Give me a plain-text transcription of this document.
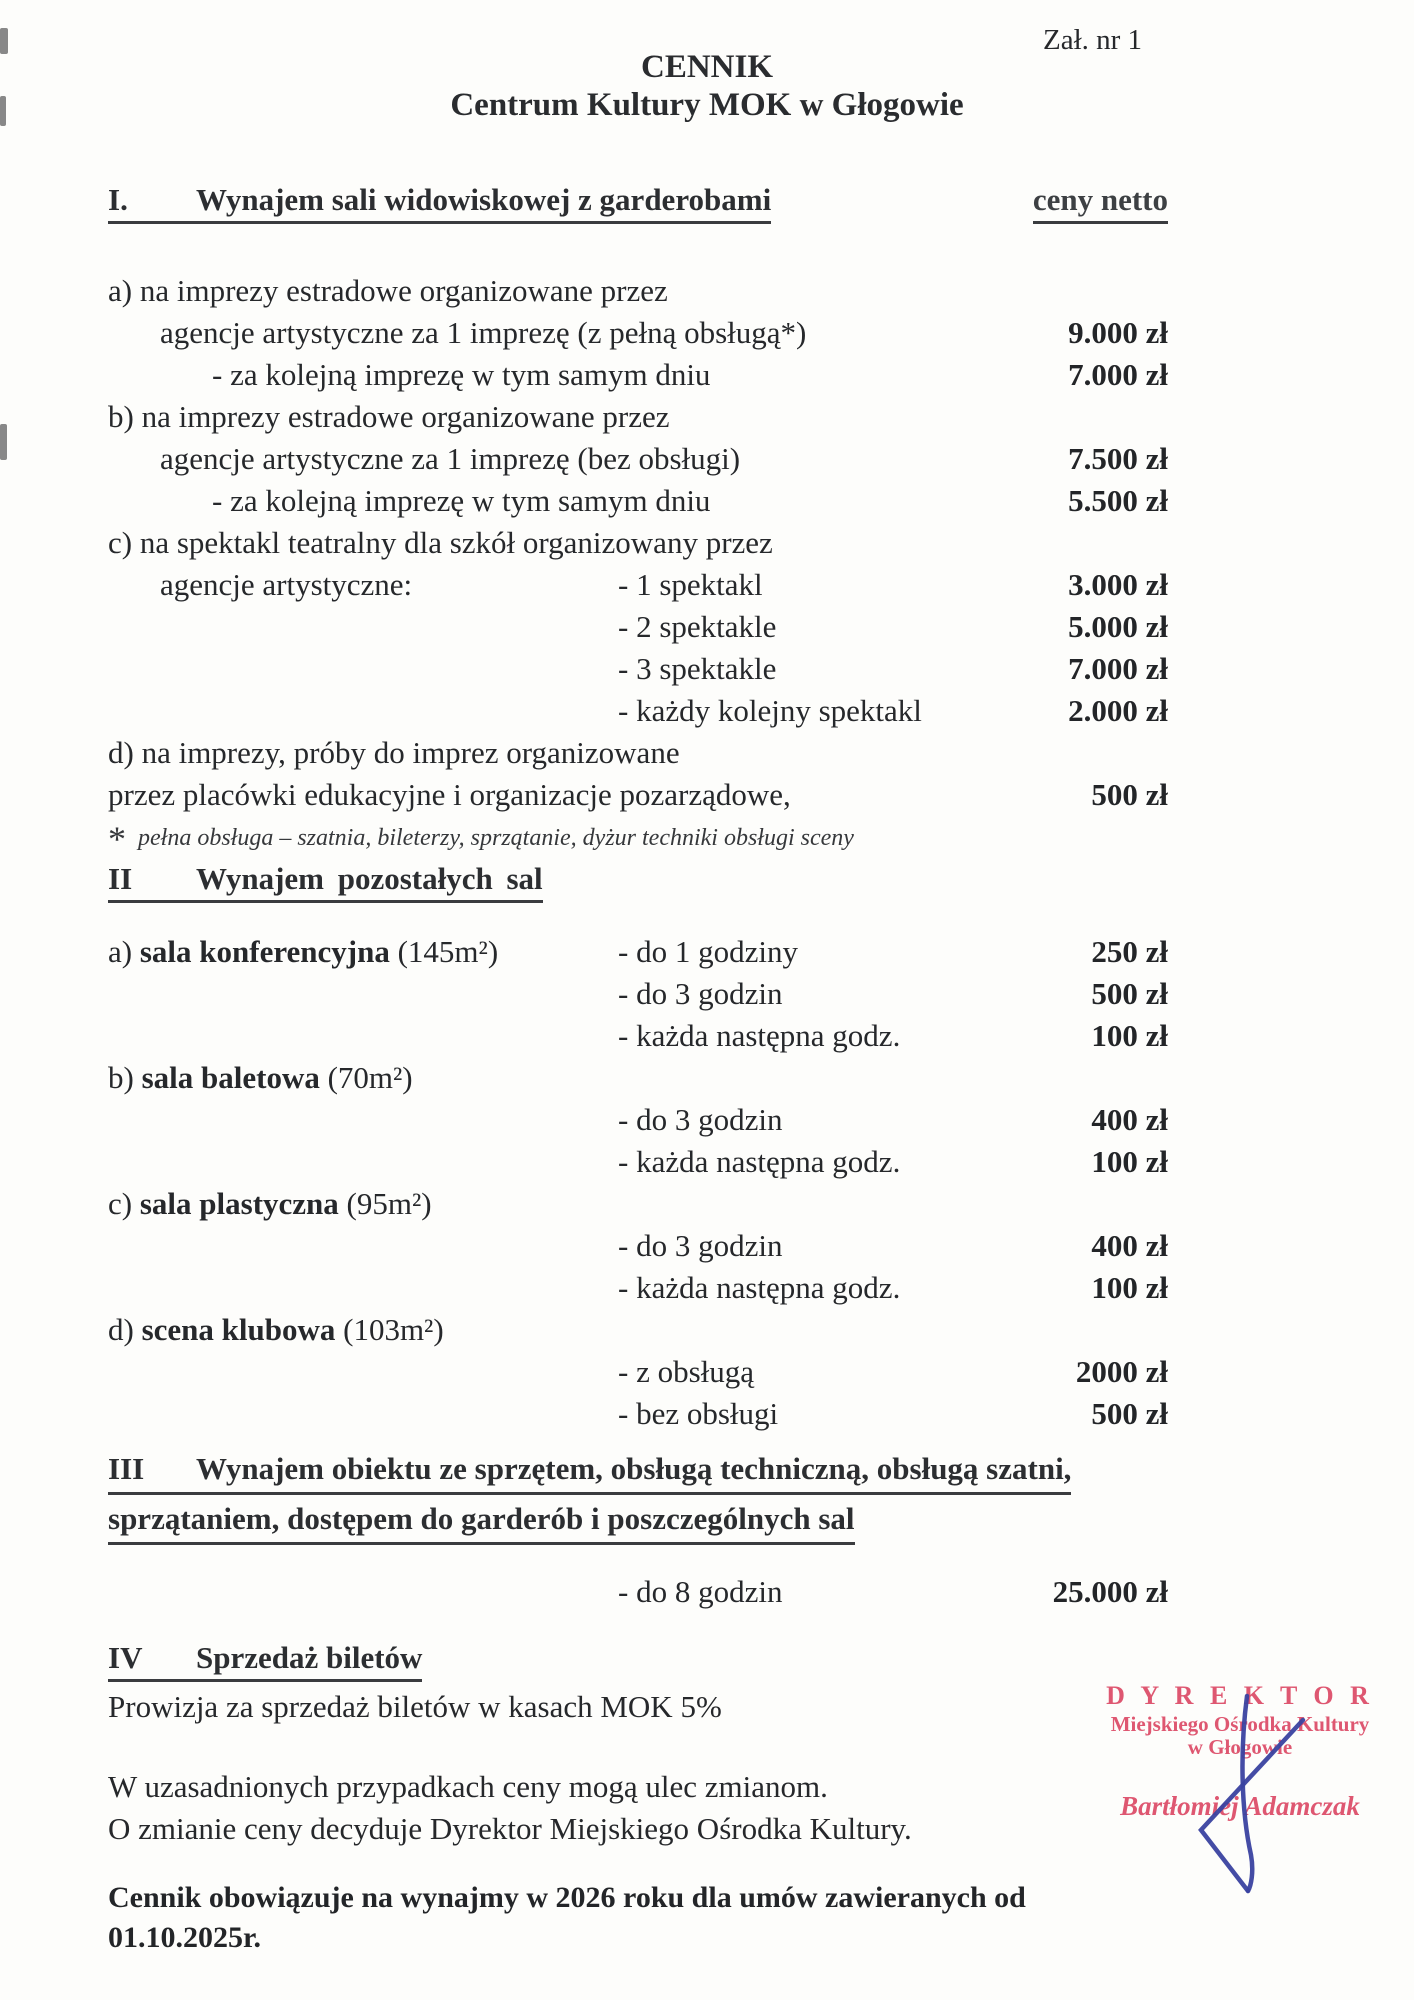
Zał. nr 1
CENNIK
Centrum Kultury MOK w Głogowie
I. Wynajem sali widowiskowej z garderobami	ceny netto
a) na imprezy estradowe organizowane przez
agencje artystyczne za 1 imprezę (z pełną obsługą*)	9.000 zł
- za kolejną imprezę w tym samym dniu	7.000 zł
b) na imprezy estradowe organizowane przez
agencje artystyczne za 1 imprezę (bez obsługi)	7.500 zł
- za kolejną imprezę w tym samym dniu	5.500 zł
c) na spektakl teatralny dla szkół organizowany przez
agencje artystyczne:	- 1 spektakl	3.000 zł
- 2 spektakle	5.000 zł
- 3 spektakle	7.000 zł
- każdy kolejny spektakl	2.000 zł
d) na imprezy, próby do imprez organizowane
przez placówki edukacyjne i organizacje pozarządowe,	500 zł
* pełna obsługa – szatnia, bileterzy, sprzątanie, dyżur techniki obsługi sceny
II Wynajem pozostałych sal
a) sala konferencyjna (145m²)	- do 1 godziny	250 zł
- do 3 godzin	500 zł
- każda następna godz.	100 zł
b) sala baletowa (70m²)
- do 3 godzin	400 zł
- każda następna godz.	100 zł
c) sala plastyczna (95m²)
- do 3 godzin	400 zł
- każda następna godz.	100 zł
d) scena klubowa (103m²)
- z obsługą	2000 zł
- bez obsługi	500 zł
III Wynajem obiektu ze sprzętem, obsługą techniczną, obsługą szatni,
sprzątaniem, dostępem do garderób i poszczególnych sal
- do 8 godzin	25.000 zł
IV Sprzedaż biletów
Prowizja za sprzedaż biletów w kasach MOK 5%
W uzasadnionych przypadkach ceny mogą ulec zmianom.
O zmianie ceny decyduje Dyrektor Miejskiego Ośrodka Kultury.
Cennik obowiązuje na wynajmy w 2026 roku dla umów zawieranych od 01.10.2025r.
D Y R E K T O R
Miejskiego Ośrodka Kultury
w Głogowie
Bartłomiej Adamczak
